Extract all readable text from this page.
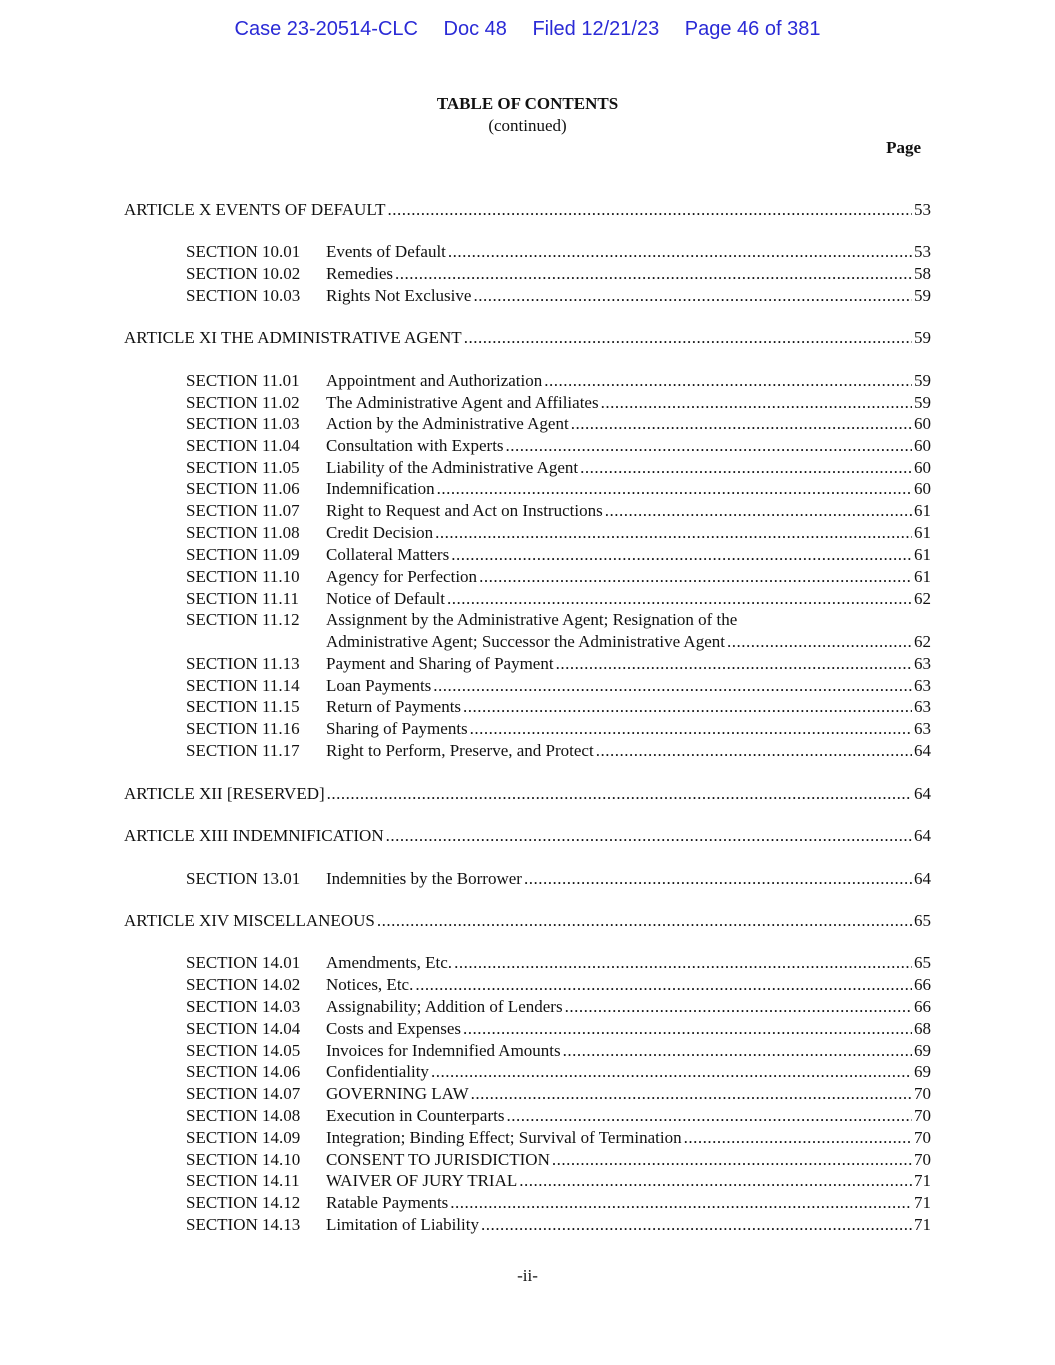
Case 23-20514-CLC Doc 48 Filed 12/21/23 Page 46 of 381
TABLE OF CONTENTS
(continued)
Page
ARTICLE X EVENTS OF DEFAULT .....	53
SECTION 10.01	Events of Default .....	53
SECTION 10.02	Remedies .....	58
SECTION 10.03	Rights Not Exclusive .....	59
ARTICLE XI THE ADMINISTRATIVE AGENT .....	59
SECTION 11.01	Appointment and Authorization .....	59
SECTION 11.02	The Administrative Agent and Affiliates .....	59
SECTION 11.03	Action by the Administrative Agent .....	60
SECTION 11.04	Consultation with Experts .....	60
SECTION 11.05	Liability of the Administrative Agent .....	60
SECTION 11.06	Indemnification .....	60
SECTION 11.07	Right to Request and Act on Instructions .....	61
SECTION 11.08	Credit Decision .....	61
SECTION 11.09	Collateral Matters .....	61
SECTION 11.10	Agency for Perfection .....	61
SECTION 11.11	Notice of Default .....	62
SECTION 11.12	Assignment by the Administrative Agent; Resignation of the
Administrative Agent; Successor the Administrative Agent .....	62
SECTION 11.13	Payment and Sharing of Payment .....	63
SECTION 11.14	Loan Payments .....	63
SECTION 11.15	Return of Payments .....	63
SECTION 11.16	Sharing of Payments .....	63
SECTION 11.17	Right to Perform, Preserve, and Protect .....	64
ARTICLE XII [RESERVED] .....	64
ARTICLE XIII INDEMNIFICATION .....	64
SECTION 13.01	Indemnities by the Borrower .....	64
ARTICLE XIV MISCELLANEOUS .....	65
SECTION 14.01	Amendments, Etc. .....	65
SECTION 14.02	Notices, Etc. .....	66
SECTION 14.03	Assignability; Addition of Lenders .....	66
SECTION 14.04	Costs and Expenses .....	68
SECTION 14.05	Invoices for Indemnified Amounts .....	69
SECTION 14.06	Confidentiality .....	69
SECTION 14.07	GOVERNING LAW .....	70
SECTION 14.08	Execution in Counterparts .....	70
SECTION 14.09	Integration; Binding Effect; Survival of Termination .....	70
SECTION 14.10	CONSENT TO JURISDICTION .....	70
SECTION 14.11	WAIVER OF JURY TRIAL .....	71
SECTION 14.12	Ratable Payments .....	71
SECTION 14.13	Limitation of Liability .....	71
-ii-
